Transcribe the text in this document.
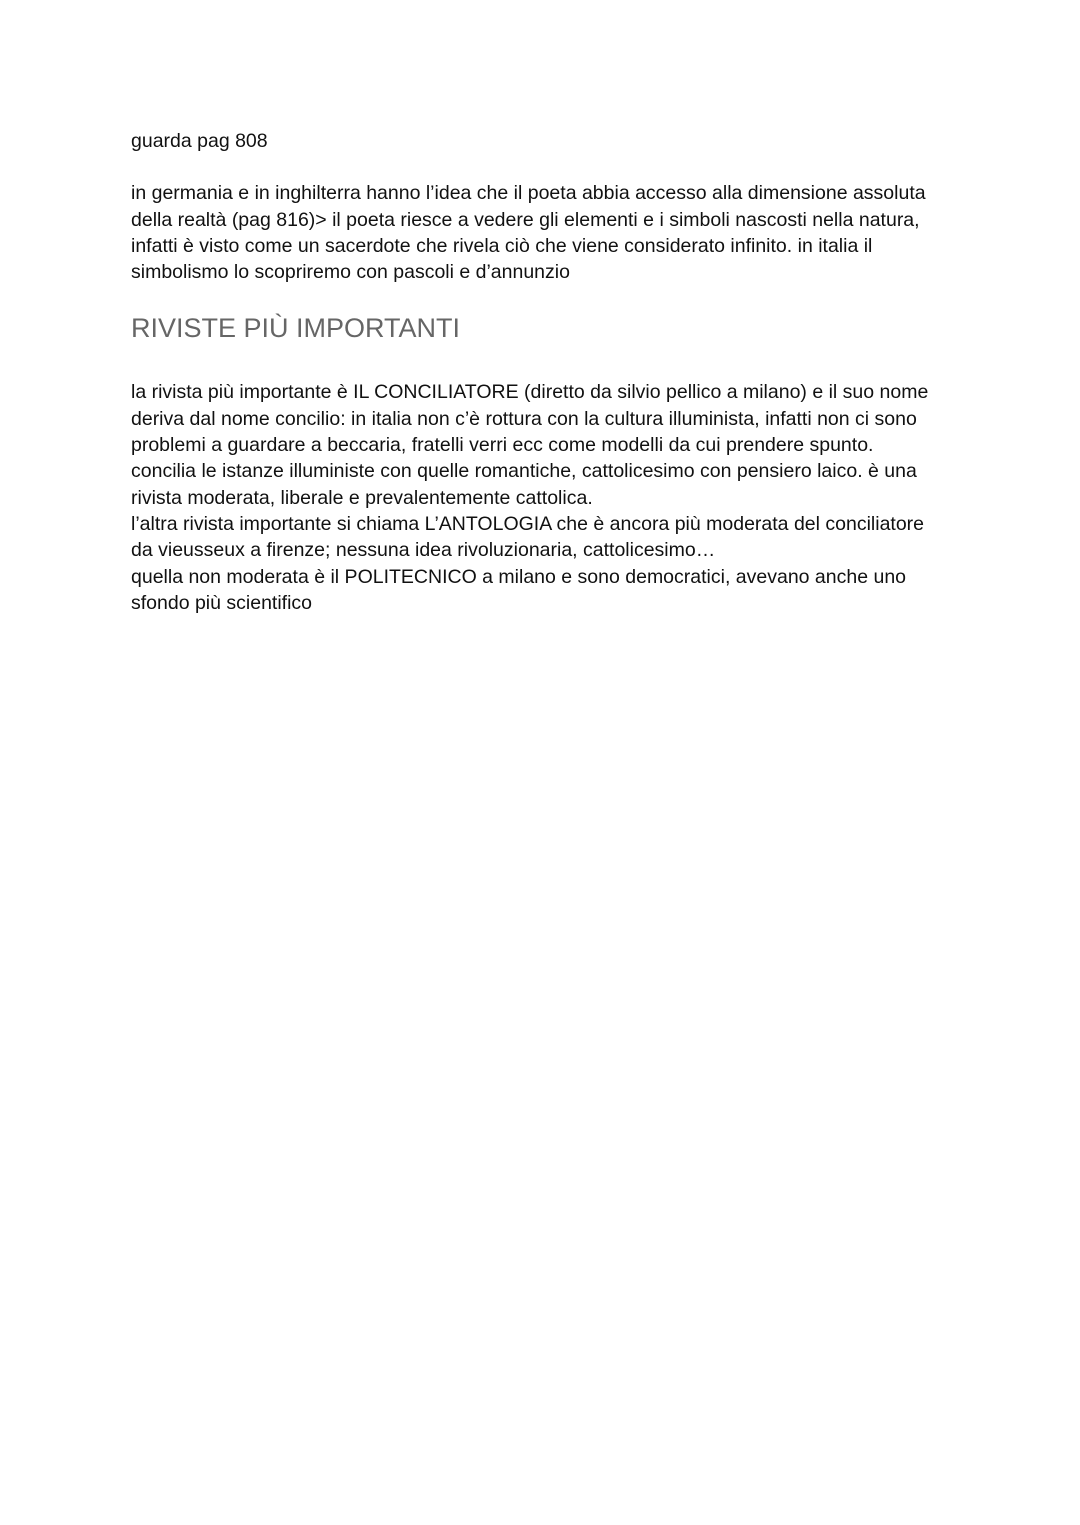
guarda pag 808

in germania e in inghilterra hanno l’idea che il poeta abbia accesso alla dimensione assoluta
della realtà (pag 816)> il poeta riesce a vedere gli elementi e i simboli nascosti nella natura,
infatti è visto come un sacerdote che rivela ciò che viene considerato infinito. in italia il
simbolismo lo scopriremo con pascoli e d’annunzio

RIVISTE PIÙ IMPORTANTI

la rivista più importante è IL CONCILIATORE (diretto da silvio pellico a milano) e il suo nome
deriva dal nome concilio: in italia non c’è rottura con la cultura illuminista, infatti non ci sono
problemi a guardare a beccaria, fratelli verri ecc come modelli da cui prendere spunto.
concilia le istanze illuministe con quelle romantiche, cattolicesimo con pensiero laico. è una
rivista moderata, liberale e prevalentemente cattolica.
l’altra rivista importante si chiama L’ANTOLOGIA che è ancora più moderata del conciliatore
da vieusseux a firenze; nessuna idea rivoluzionaria, cattolicesimo…
quella non moderata è il POLITECNICO a milano e sono democratici, avevano anche uno
sfondo più scientifico
